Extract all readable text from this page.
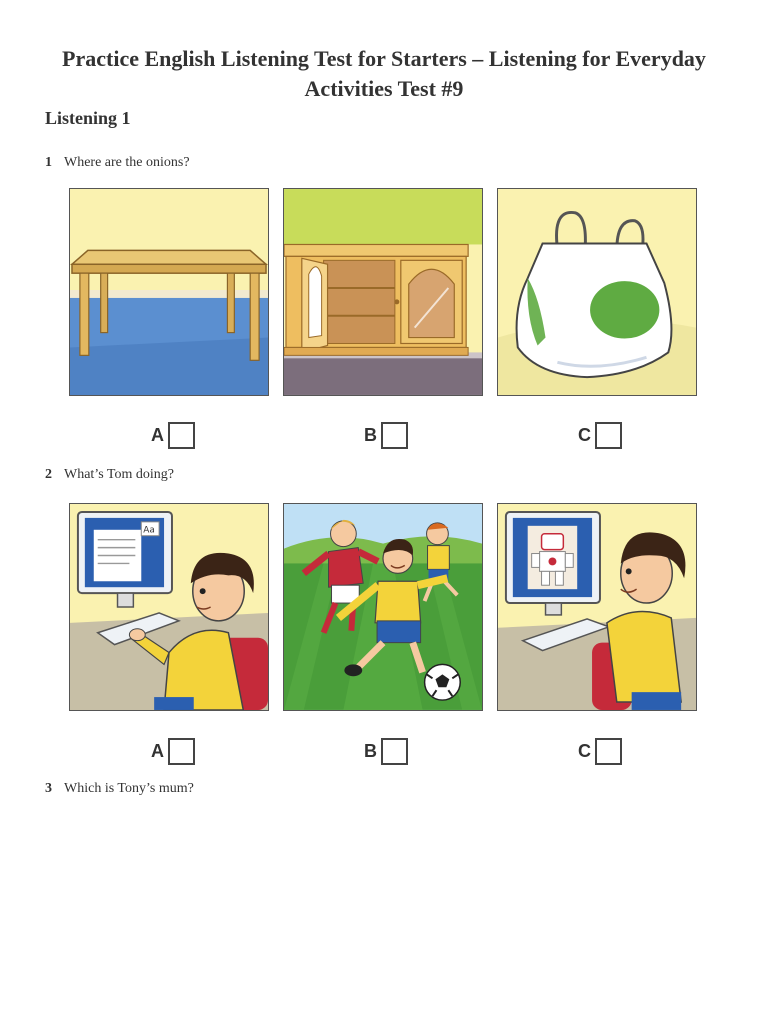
Practice English Listening Test for Starters – Listening for Everyday Activities Test #9
Listening 1
1 Where are the onions?
A	B	C
2 What’s Tom doing?
Aa
A	B	C
3 Which is Tony’s mum?
